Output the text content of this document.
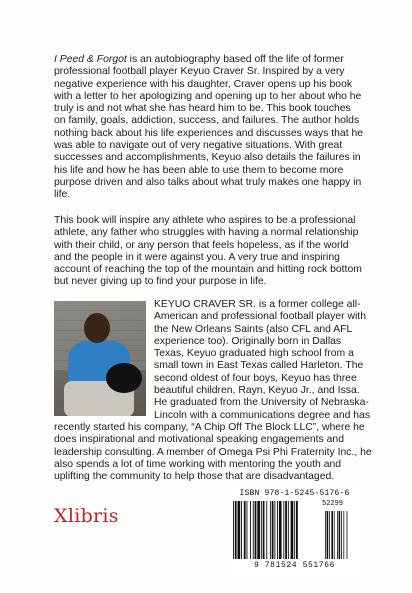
I Peed & Forgot is an autobiography based off the life of former professional football player Keyuo Craver Sr. Inspired by a very negative experience with his daughter, Craver opens up his book with a letter to her apologizing and opening up to her about who he truly is and not what she has heard him to be. This book touches on family, goals, addiction, success, and failures. The author holds nothing back about his life experiences and discusses ways that he was able to navigate out of very negative situations. With great successes and accomplishments, Keyuo also details the failures in his life and how he has been able to use them to become more purpose driven and also talks about what truly makes one happy in life.

This book will inspire any athlete who aspires to be a professional athlete, any father who struggles with having a normal relationship with their child, or any person that feels hopeless, as if the world and the people in it were against you. A very true and inspiring account of reaching the top of the mountain and hitting rock bottom but never giving up to find your purpose in life.

KEYUO CRAVER SR. is a former college all-American and professional football player with the New Orleans Saints (also CFL and AFL experience too). Originally born in Dallas Texas, Keyuo graduated high school from a small town in East Texas called Harleton. The second oldest of four boys, Keyuo has three beautiful children, Rayn, Keyuo Jr., and Issa. He graduated from the University of Nebraska-Lincoln with a communications degree and has recently started his company, “A Chip Off The Block LLC”, where he does inspirational and motivational speaking engagements and leadership consulting. A member of Omega Psi Phi Fraternity Inc., he also spends a lot of time working with mentoring the youth and uplifting the community to help those that are disadvantaged.
Xlibris
ISBN 978-1-5245-5176-6
52299
9 781524 551766
